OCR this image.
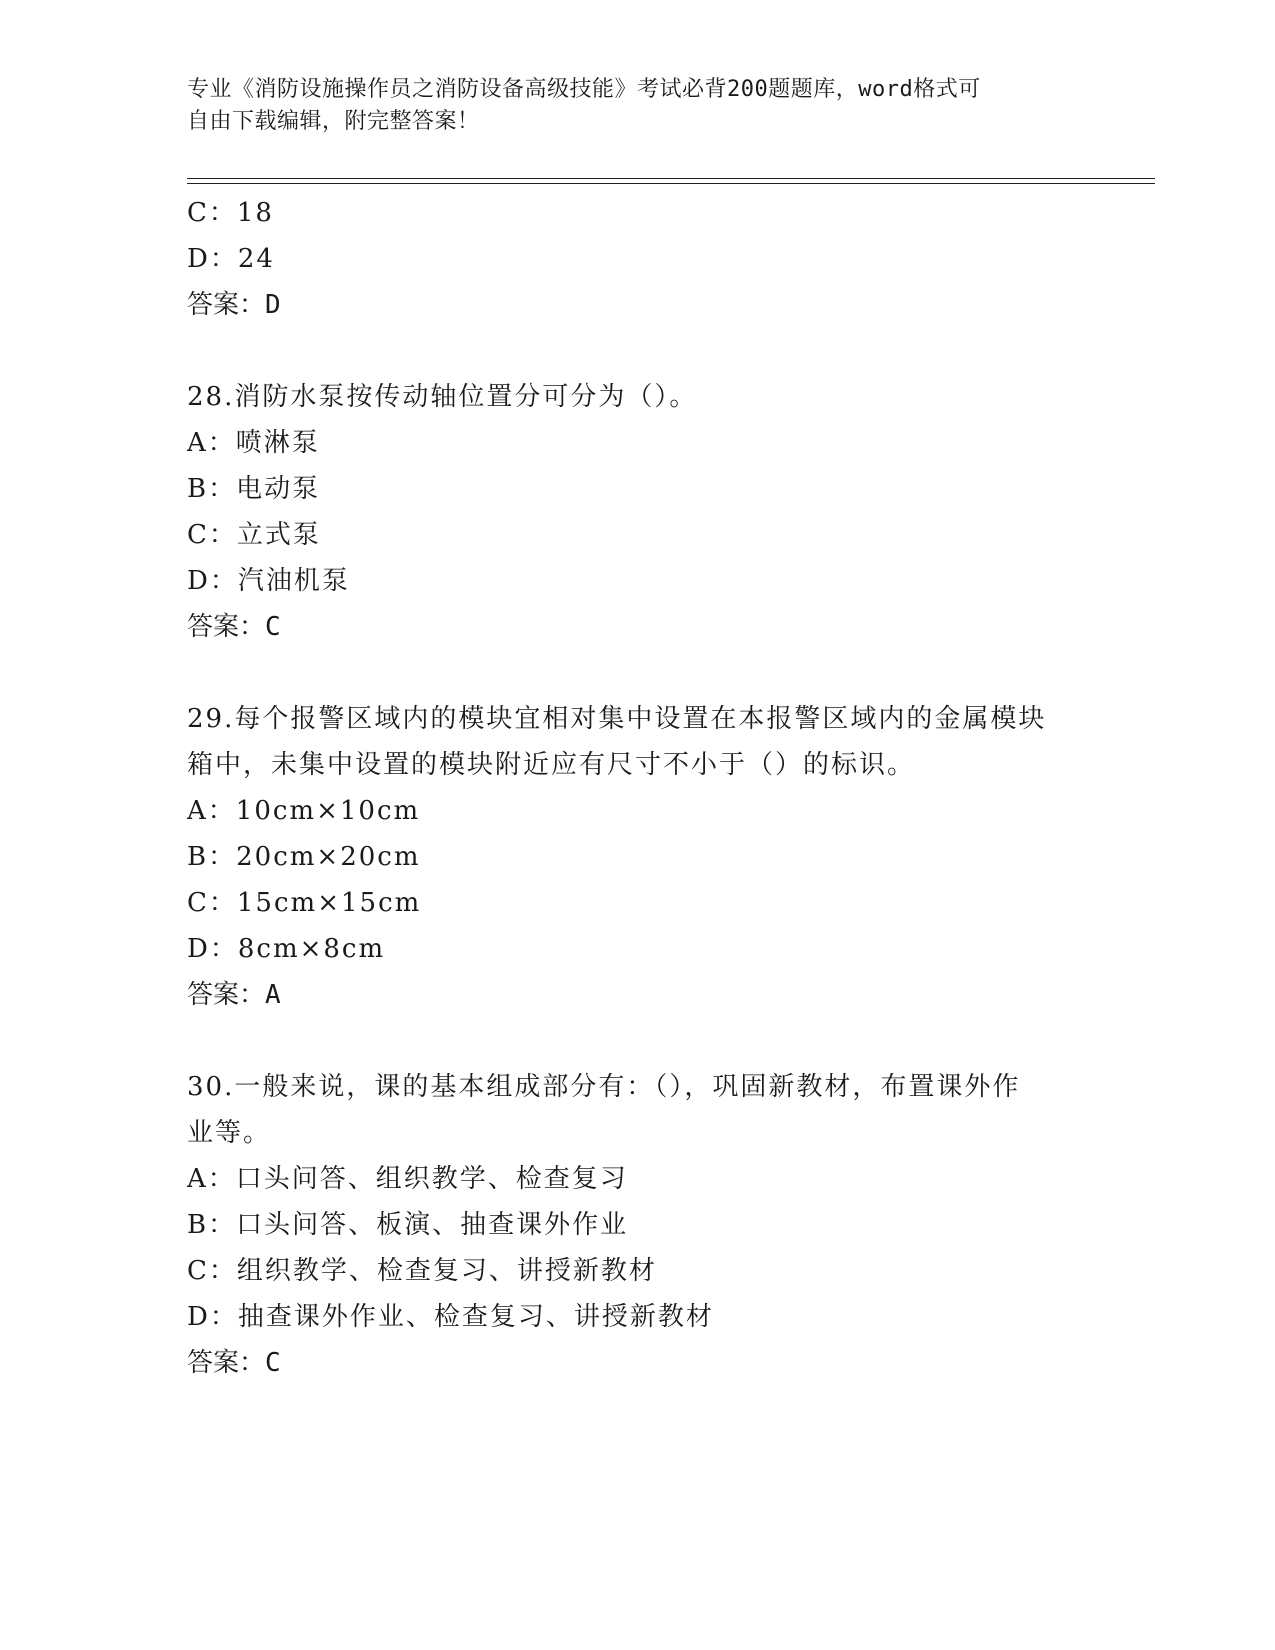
专业《消防设施操作员之消防设备高级技能》考试必背200题题库，word格式可
自由下载编辑，附完整答案！
C：18
D：24
答案：D
28.消防水泵按传动轴位置分可分为（）。
A：喷淋泵
B：电动泵
C：立式泵
D：汽油机泵
答案：C
29.每个报警区域内的模块宜相对集中设置在本报警区域内的金属模块
箱中，未集中设置的模块附近应有尺寸不小于（）的标识。
A：10cm×10cm
B：20cm×20cm
C：15cm×15cm
D：8cm×8cm
答案：A
30.一般来说，课的基本组成部分有：（），巩固新教材，布置课外作
业等。
A：口头问答、组织教学、检查复习
B：口头问答、板演、抽查课外作业
C：组织教学、检查复习、讲授新教材
D：抽查课外作业、检查复习、讲授新教材
答案：C
